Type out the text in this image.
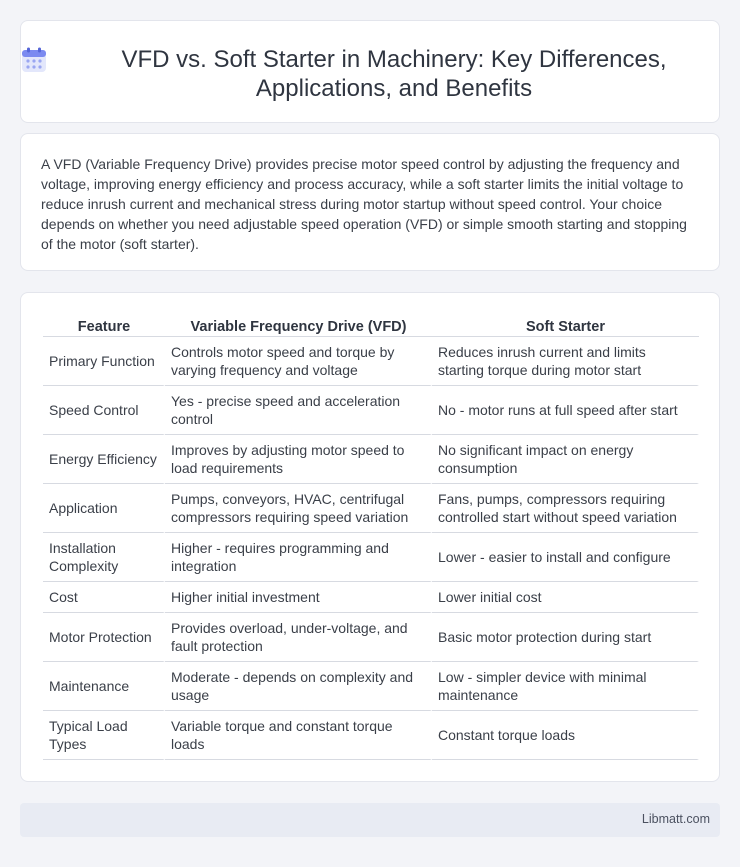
VFD vs. Soft Starter in Machinery: Key Differences, Applications, and Benefits

A VFD (Variable Frequency Drive) provides precise motor speed control by adjusting the frequency and voltage, improving energy efficiency and process accuracy, while a soft starter limits the initial voltage to reduce inrush current and mechanical stress during motor startup without speed control. Your choice depends on whether you need adjustable speed operation (VFD) or simple smooth starting and stopping of the motor (soft starter).

Feature	Variable Frequency Drive (VFD)	Soft Starter
Primary Function	Controls motor speed and torque by varying frequency and voltage	Reduces inrush current and limits starting torque during motor start
Speed Control	Yes - precise speed and acceleration control	No - motor runs at full speed after start
Energy Efficiency	Improves by adjusting motor speed to load requirements	No significant impact on energy consumption
Application	Pumps, conveyors, HVAC, centrifugal compressors requiring speed variation	Fans, pumps, compressors requiring controlled start without speed variation
Installation Complexity	Higher - requires programming and integration	Lower - easier to install and configure
Cost	Higher initial investment	Lower initial cost
Motor Protection	Provides overload, under-voltage, and fault protection	Basic motor protection during start
Maintenance	Moderate - depends on complexity and usage	Low - simpler device with minimal maintenance
Typical Load Types	Variable torque and constant torque loads	Constant torque loads
Libmatt.com
